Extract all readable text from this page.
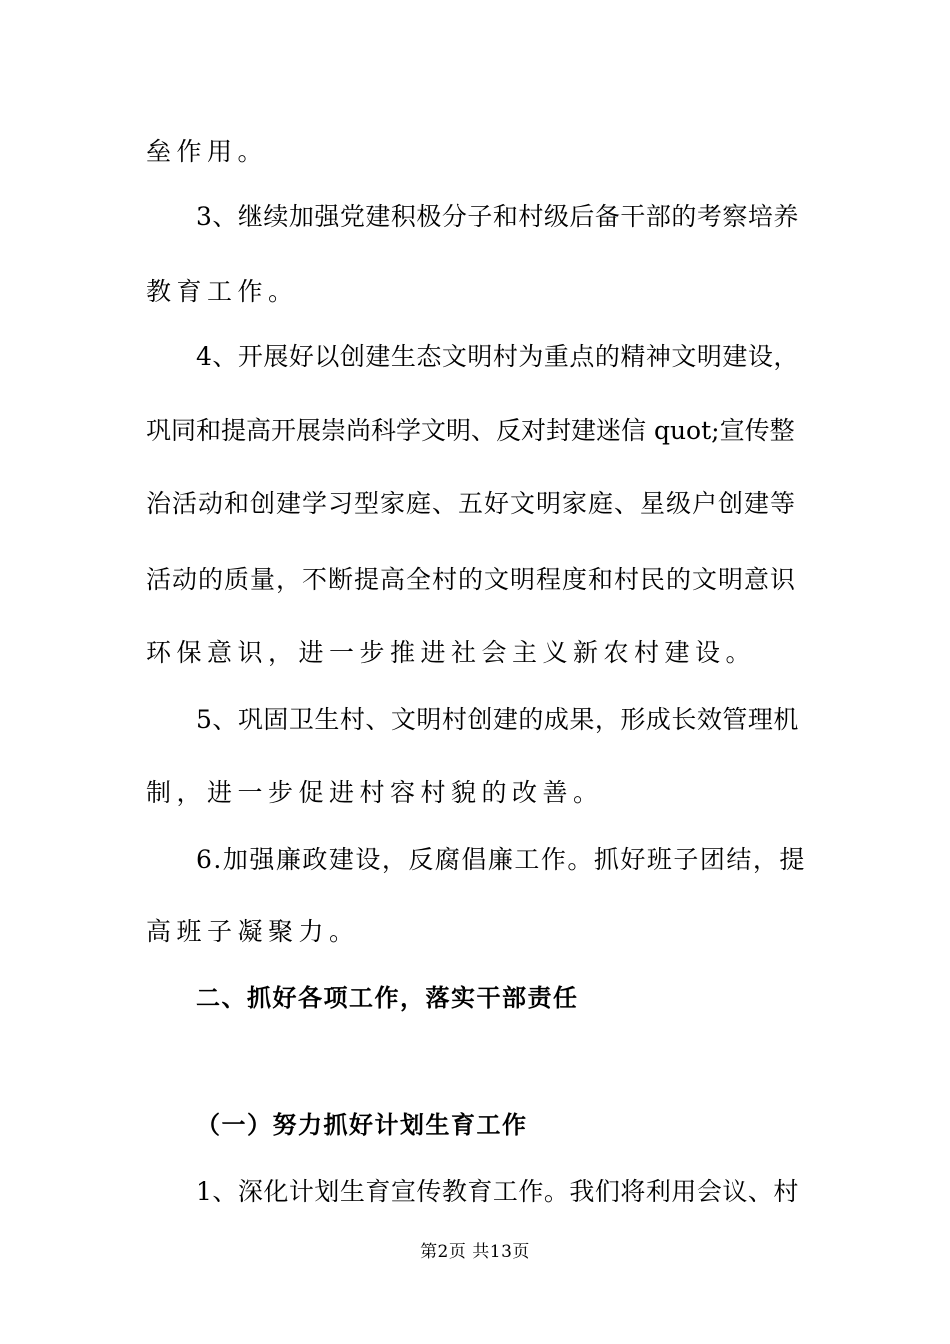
垒作用。
3、继续加强党建积极分子和村级后备干部的考察培养
教育工作。
4、开展好以创建生态文明村为重点的精神文明建设，
巩同和提高开展崇尚科学文明、反对封建迷信 quot;宣传整
治活动和创建学习型家庭、五好文明家庭、星级户创建等
活动的质量，不断提高全村的文明程度和村民的文明意识
环保意识，进一步推进社会主义新农村建设。
5、巩固卫生村、文明村创建的成果，形成长效管理机
制，进一步促进村容村貌的改善。
6.加强廉政建设，反腐倡廉工作。抓好班子团结，提
高班子凝聚力。
二、抓好各项工作，落实干部责任
（一）努力抓好计划生育工作
1、深化计划生育宣传教育工作。我们将利用会议、村
第2页 共13页
